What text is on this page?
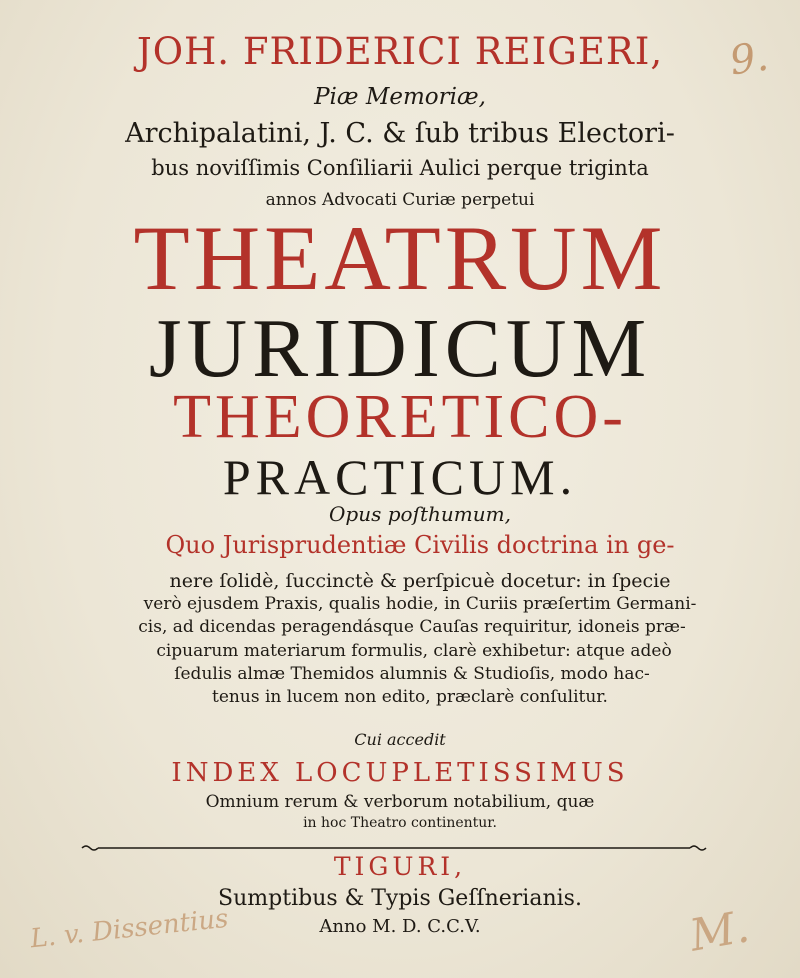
JOH. FRIDERICI REIGERI,
Piæ Memoriæ,
Archipalatini, J. C. & ſub tribus Electori-
bus noviſſimis Conſiliarii Aulici perque triginta
annos Advocati Curiæ perpetui
THEATRUM
JURIDICUM
THEORETICO-
PRACTICUM.
Opus poſthumum,
Quo Jurisprudentiæ Civilis doctrina in ge-
nere ſolidè, ſuccinctè & perſpicuè docetur: in ſpecie
verò ejusdem Praxis, qualis hodie, in Curiis præſertim Germani-
cis, ad dicendas peragendásque Cauſas requiritur, idoneis præ-
cipuarum materiarum formulis, clarè exhibetur: atque adeò
ſedulis almæ Themidos alumnis & Studioſis, modo hac-
tenus in lucem non edito, præclarè conſulitur.
Cui accedit
INDEX LOCUPLETISSIMUS
Omnium rerum & verborum notabilium, quæ
in hoc Theatro continentur.
TIGURI,
Sumptibus & Typis Geſſnerianis.
Anno M. D. C.C.V.
9.
L. v. Dissentius	M.
